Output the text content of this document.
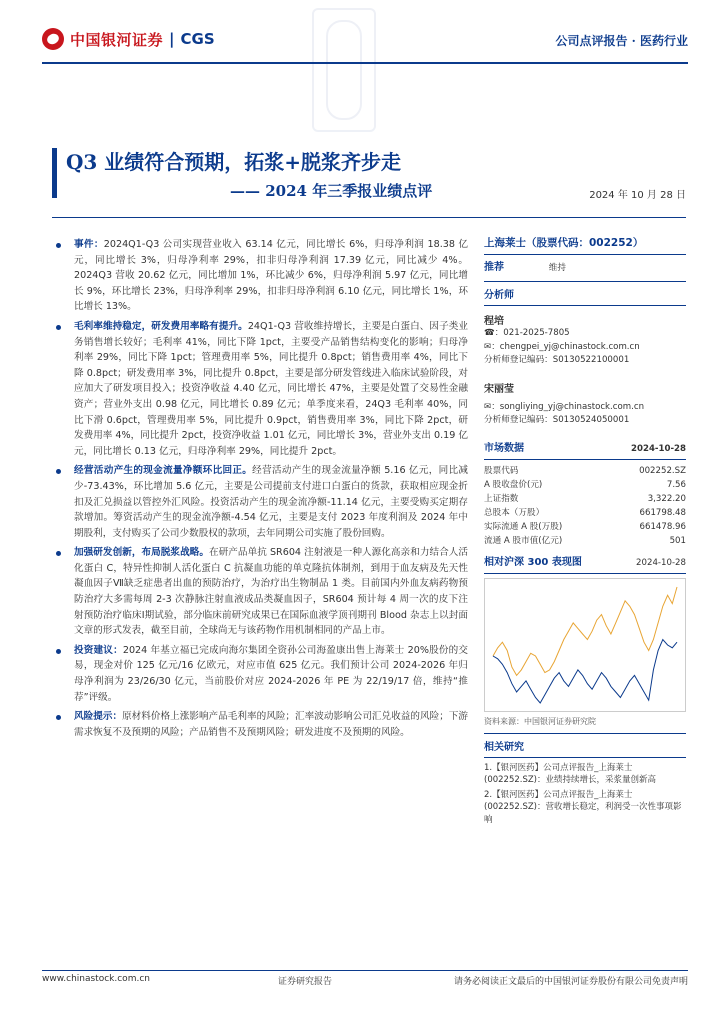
中国银河证券 | CGS	公司点评报告 · 医药行业
Q3 业绩符合预期，拓浆+脱浆齐步走
—— 2024 年三季报业绩点评	2024 年 10 月 28 日
事件：2024Q1-Q3 公司实现营业收入 63.14 亿元，同比增长 6%，归母净利润 18.38 亿元，同比增长 3%，归母净利率 29%，扣非归母净利润 17.39 亿元，同比减少 4%。2024Q3 营收 20.62 亿元，同比增加 1%，环比减少 6%，归母净利润 5.97 亿元，同比增长 9%，环比增长 23%，归母净利率 29%，扣非归母净利润 6.10 亿元，同比增长 1%，环比增长 13%。
毛利率维持稳定，研发费用率略有提升。24Q1-Q3 营收维持增长，主要是白蛋白、因子类业务销售增长较好；毛利率 41%，同比下降 1pct，主要受产品销售结构变化的影响；归母净利率 29%，同比下降 1pct；管理费用率 5%，同比提升 0.8pct；销售费用率 4%，同比下降 0.8pct；研发费用率 3%，同比提升 0.8pct，主要是部分研发管线进入临床试验阶段，对应加大了研发项目投入；投资净收益 4.40 亿元，同比增长 47%，主要是处置了交易性金融资产；营业外支出 0.98 亿元，同比增长 0.89 亿元；单季度来看，24Q3 毛利率 40%，同比下滑 0.6pct，管理费用率 5%，同比提升 0.9pct，销售费用率 3%，同比下降 2pct，研发费用率 4%，同比提升 2pct，投资净收益 1.01 亿元，同比增长 3%，营业外支出 0.19 亿元，同比增长 0.13 亿元，归母净利率 29%，同比提升 2pct。
经营活动产生的现金流量净额环比回正。经营活动产生的现金流量净额 5.16 亿元，同比减少-73.43%，环比增加 5.6 亿元，主要是公司提前支付进口白蛋白的货款，获取相应现金折扣及汇兑损益以管控外汇风险。投资活动产生的现金流净额-11.14 亿元，主要受购买定期存款增加。筹资活动产生的现金流净额-4.54 亿元，主要是支付 2023 年度利润及 2024 年中期股利，支付购买了公司少数股权的款项，去年同期公司实施了股份回购。
加强研发创新，布局脱浆战略。在研产品单抗 SR604 注射液是一种人源化高亲和力结合人活化蛋白 C，特异性抑制人活化蛋白 C 抗凝血功能的单克隆抗体制剂，到用于血友病及先天性凝血因子Ⅶ缺乏症患者出血的预防治疗，为治疗出生物制品 1 类。目前国内外血友病药物预防治疗大多需每周 2-3 次静脉注射血液成品类凝血因子，SR604 预计每 4 周一次的皮下注射预防治疗临床Ⅰ期试验，部分临床前研究成果已在国际血液学顶刊期刊 Blood 杂志上以封面文章的形式发表，截至目前，全球尚无与该药物作用机制相同的产品上市。
投资建议：2024 年基立福已完成向海尔集团全资孙公司海盈康出售上海莱士 20%股份的交易，现金对价 125 亿元/16 亿欧元，对应市值 625 亿元。我们预计公司 2024-2026 年归母净利润为 23/26/30 亿元，当前股价对应 2024-2026 年 PE 为 22/19/17 倍，维持“推荐”评级。
风险提示：原材料价格上涨影响产品毛利率的风险；汇率波动影响公司汇兑收益的风险；下游需求恢复不及预期的风险；产品销售不及预期风险；研发进度不及预期的风险。
上海莱士（股票代码：002252）
推荐	维持
分析师
程培
☎：021-2025-7805
✉：chengpei_yj@chinastock.com.cn
分析师登记编码：S0130522100001
宋丽莹
✉：songliying_yj@chinastock.com.cn
分析师登记编码：S0130524050001
市场数据	2024-10-28
股票代码	002252.SZ
A 股收盘价(元)	7.56
上证指数	3,322.20
总股本（万股）	661798.48
实际流通 A 股(万股)	661478.96
流通 A 股市值(亿元)	501
相对沪深 300 表现图	2024-10-28
资料来源：中国银河证券研究院
相关研究
1.【银河医药】公司点评报告_上海莱士(002252.SZ)：业绩持续增长，采浆量创新高
2.【银河医药】公司点评报告_上海莱士(002252.SZ)：营收增长稳定，利润受一次性事项影响
www.chinastock.com.cn	证券研究报告	请务必阅读正文最后的中国银河证券股份有限公司免责声明
